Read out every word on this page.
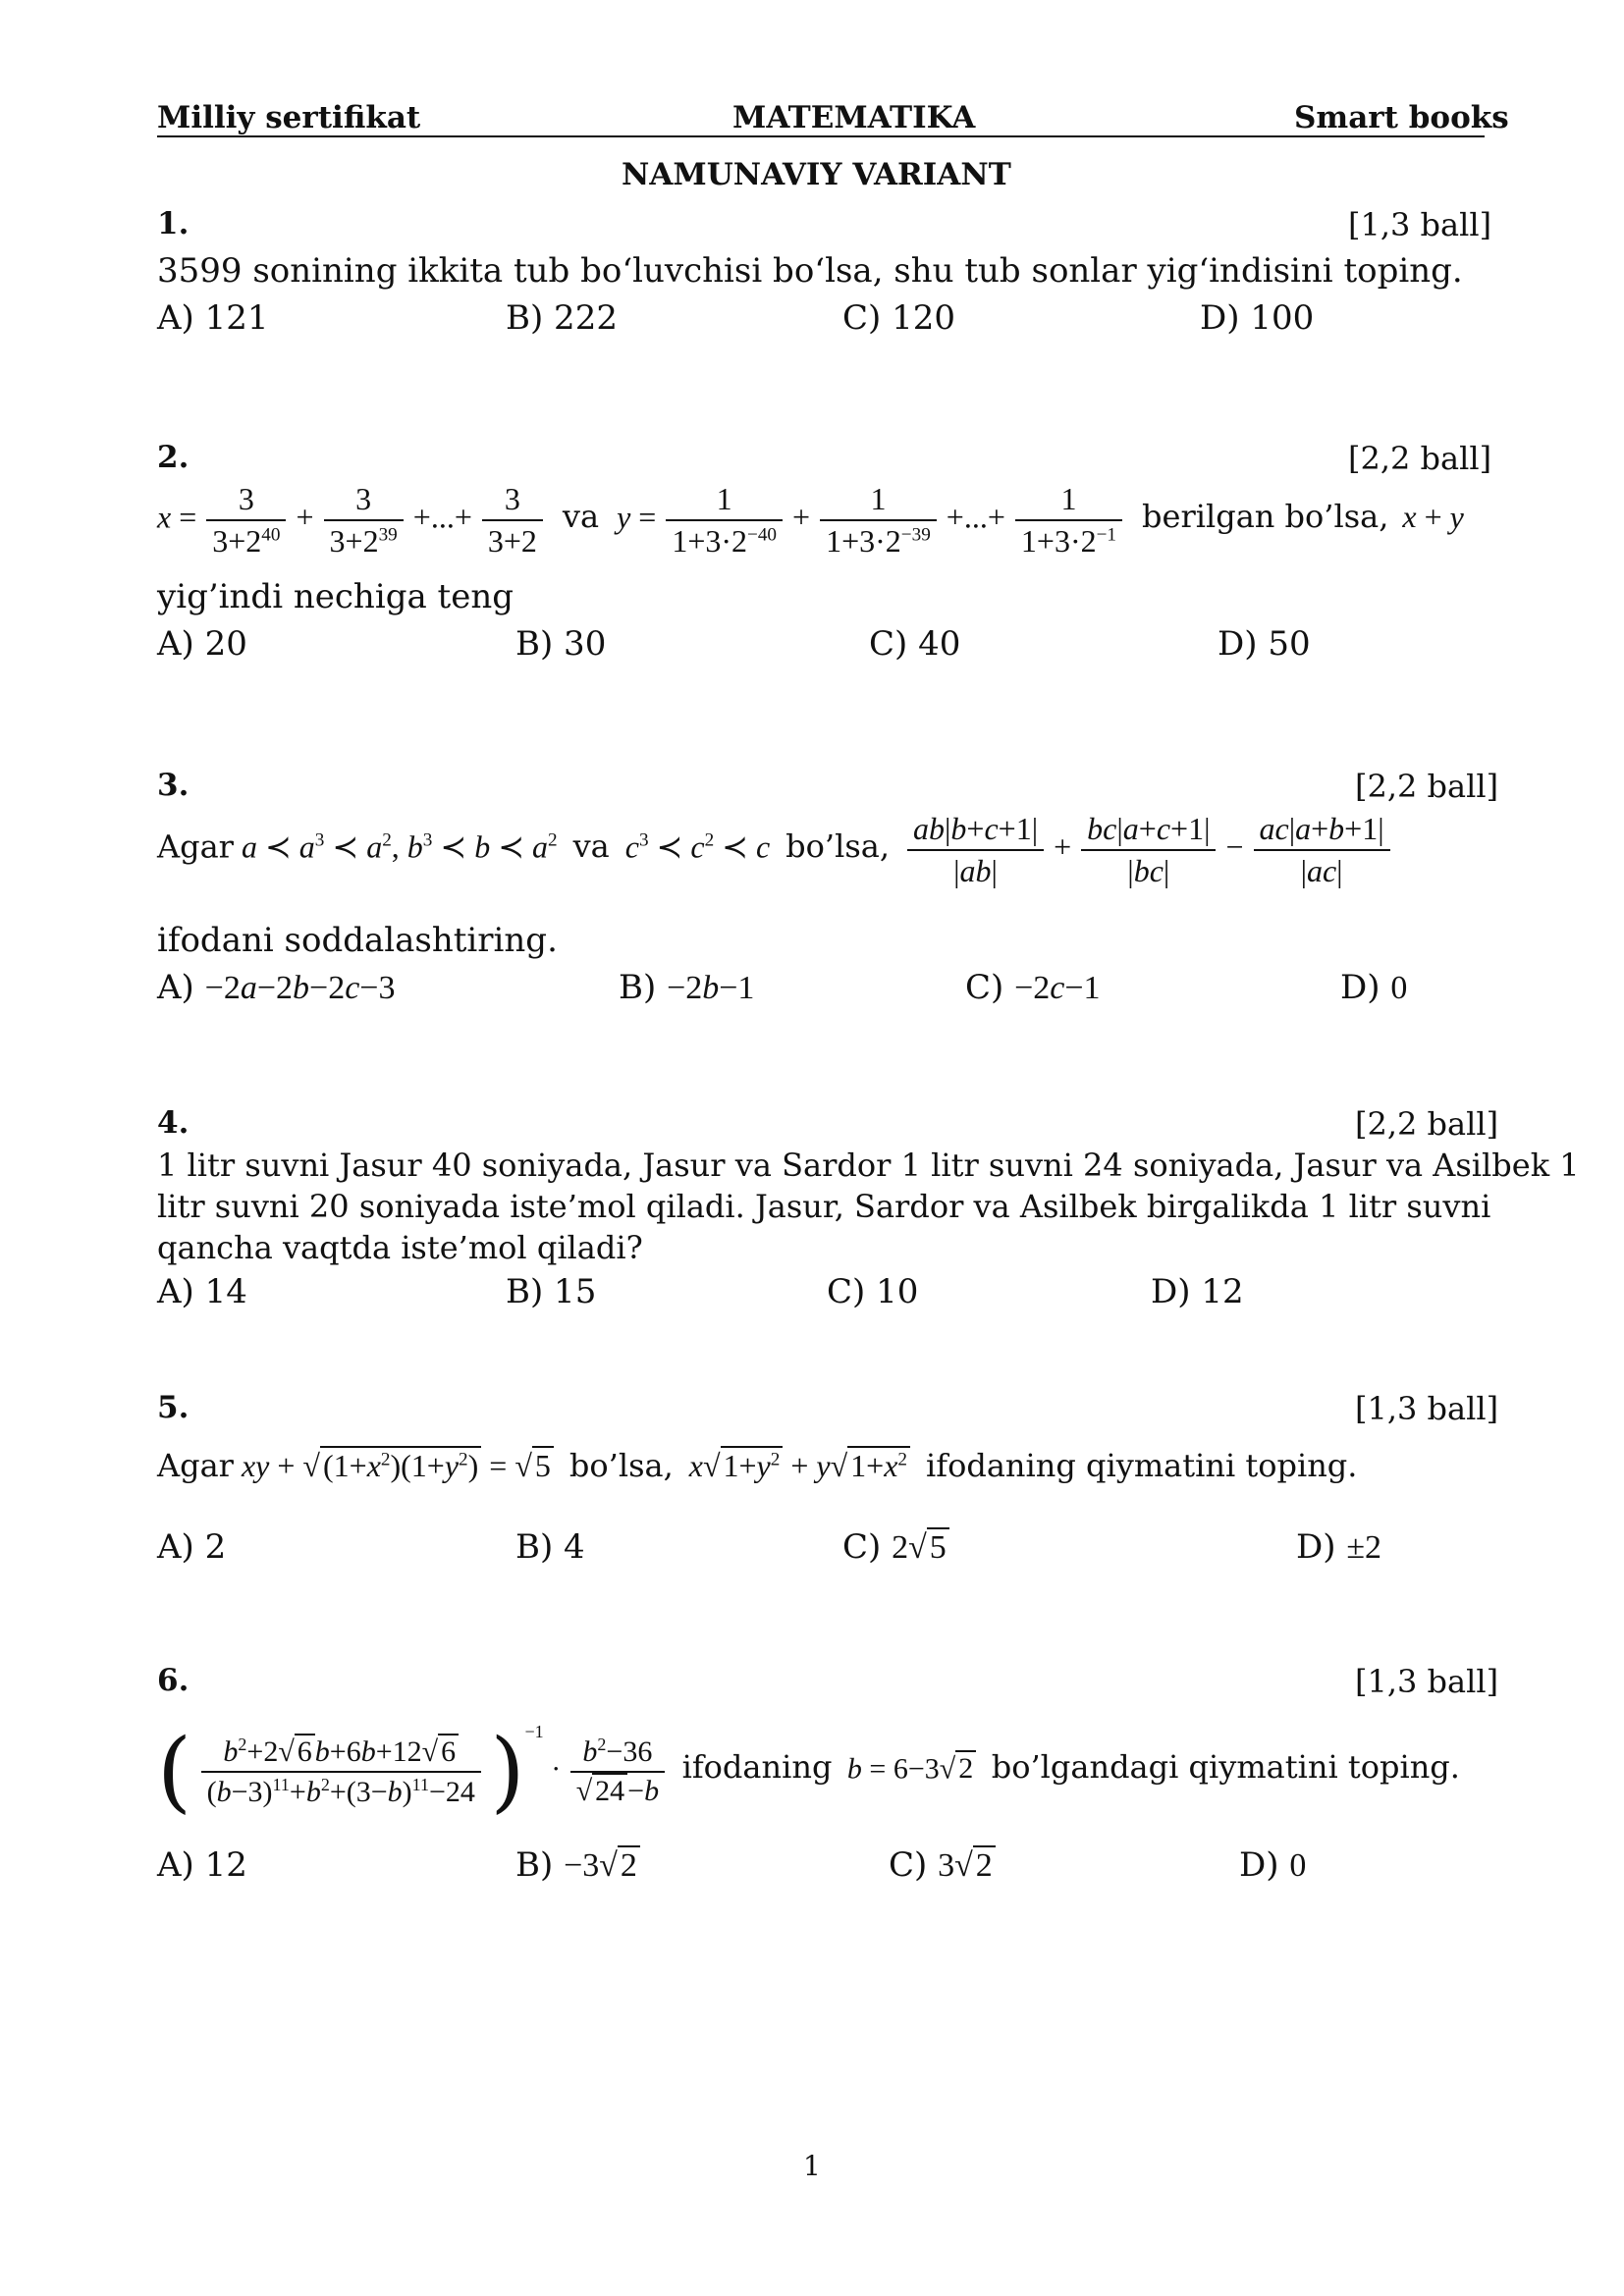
Milliy sertifikat	MATEMATIKA	Smart books
NAMUNAVIY VARIANT
1.	[1,3 ball]
3599 sonining ikkita tub bo‘luvchisi bo‘lsa, shu tub sonlar yig‘indisini toping.
A) 121	B) 222	C) 120	D) 100
2.	[2,2 ball]
$x = \frac{3}{3+2^{40}} + \frac{3}{3+2^{39}}$ +...+ $\frac{3}{3+2}$ va $y = \frac{1}{1+3\cdot 2^{-40}} + \frac{1}{1+3\cdot 2^{-39}}$ +...+ $\frac{1}{1+3\cdot 2^{-1}}$ berilgan bo’lsa, x + y
yig’indi nechiga teng
A) 20	B) 30	C) 40	D) 50
3.	[2,2 ball]
Agar a ≺ $a^3$ ≺ $a^2$, $b^3$ ≺ b ≺ $a^2$ va $c^3$ ≺ $c^2$ ≺ c bo’lsa, $\frac{ab|b+c+1|}{|ab|} + \frac{bc|a+c+1|}{|bc|} - \frac{ac|a+b+1|}{|ac|}$
ifodani soddalashtiring.
A) −2a−2b−2c−3	B) −2b−1	C) −2c−1	D) 0
4.	[2,2 ball]
1 litr suvni Jasur 40 soniyada, Jasur va Sardor 1 litr suvni 24 soniyada, Jasur va Asilbek 1
litr suvni 20 soniyada iste’mol qiladi. Jasur, Sardor va Asilbek birgalikda 1 litr suvni
qancha vaqtda iste’mol qiladi?
A) 14	B) 15	C) 10	D) 12
5.	[1,3 ball]
Agar xy + $√(1+x^2)(1+y^2) = √5$ bo’lsa, $x√1+y^2 + y√1+x^2$ ifodaning qiymatini toping.
A) 2	B) 4	C) 2√5	D) ±2
6.	[1,3 ball]
( $\frac{b^2+2√ 6 b+6b+12√ 6}{(b-3)^{11}+b^2+(3-b)^{11}-24} )^{-1} \cdot \frac{b^2-36}{√ 24 -b}$ ifodaning b = 6−3√ 2 bo’lgandagi qiymatini toping.
A) 12	B) −3√2	C) 3√2	D) 0
1
